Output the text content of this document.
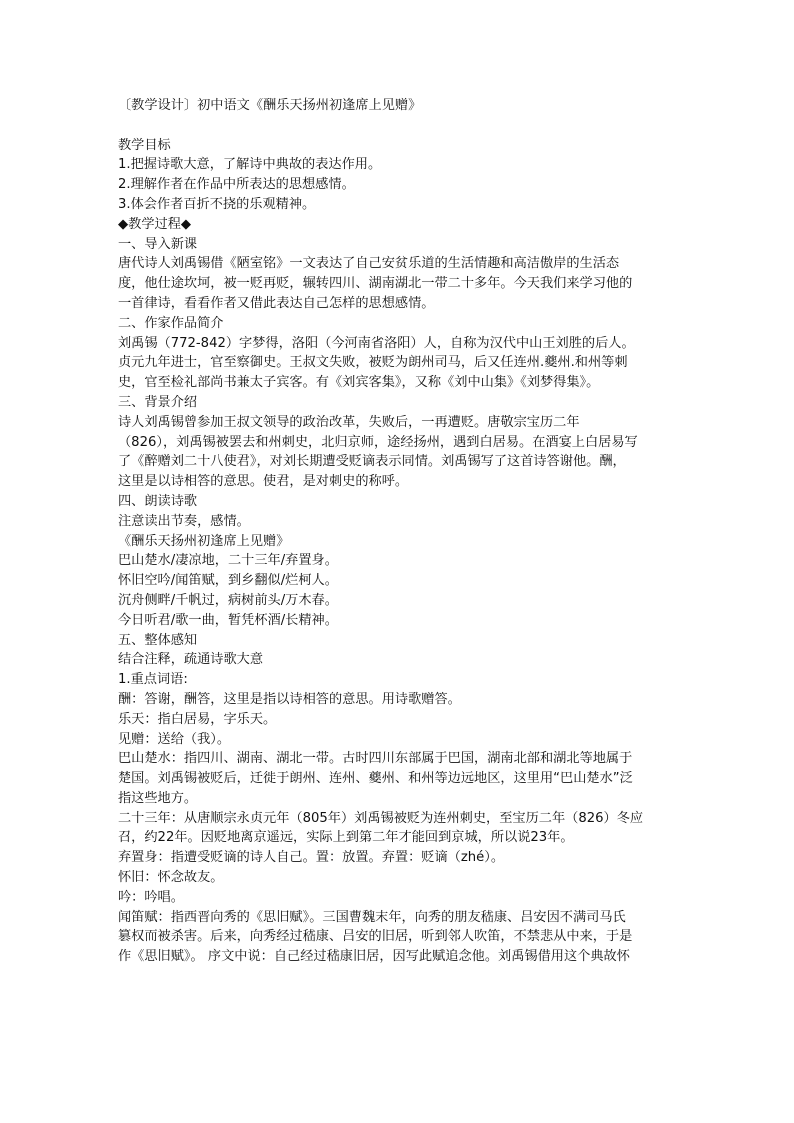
〔教学设计〕初中语文《酬乐天扬州初逢席上见赠》
教学目标
1.把握诗歌大意，了解诗中典故的表达作用。
2.理解作者在作品中所表达的思想感情。
3.体会作者百折不挠的乐观精神。
◆教学过程◆
一、导入新课
唐代诗人刘禹锡借《陋室铭》一文表达了自己安贫乐道的生活情趣和高洁傲岸的生活态
度，他仕途坎坷，被一贬再贬，辗转四川、湖南湖北一带二十多年。今天我们来学习他的
一首律诗，看看作者又借此表达自己怎样的思想感情。
二、作家作品简介
刘禹锡（772-842）字梦得，洛阳（今河南省洛阳）人，自称为汉代中山王刘胜的后人。
贞元九年进士，官至察御史。王叔文失败，被贬为朗州司马，后又任连州.夔州.和州等刺
史，官至检礼部尚书兼太子宾客。有《刘宾客集》，又称《刘中山集》《刘梦得集》。
三、背景介绍
诗人刘禹锡曾参加王叔文领导的政治改革，失败后，一再遭贬。唐敬宗宝历二年
（826），刘禹锡被罢去和州刺史，北归京师，途经扬州，遇到白居易。在酒宴上白居易写
了《醉赠刘二十八使君》，对刘长期遭受贬谪表示同情。刘禹锡写了这首诗答谢他。酬，
这里是以诗相答的意思。使君，是对刺史的称呼。
四、朗读诗歌
注意读出节奏，感情。
《酬乐天扬州初逢席上见赠》
巴山楚水/凄凉地，二十三年/弃置身。
怀旧空吟/闻笛赋，到乡翻似/烂柯人。
沉舟侧畔/千帆过，病树前头/万木春。
今日听君/歌一曲，暂凭杯酒/长精神。
五、整体感知
结合注释，疏通诗歌大意
1.重点词语:
酬：答谢，酬答，这里是指以诗相答的意思。用诗歌赠答。
乐天：指白居易，字乐天。
见赠：送给（我）。
巴山楚水：指四川、湖南、湖北一带。古时四川东部属于巴国，湖南北部和湖北等地属于
楚国。刘禹锡被贬后，迁徙于朗州、连州、夔州、和州等边远地区，这里用“巴山楚水”泛
指这些地方。
二十三年：从唐顺宗永贞元年（805年）刘禹锡被贬为连州刺史，至宝历二年（826）冬应
召，约22年。因贬地离京遥远，实际上到第二年才能回到京城，所以说23年。
弃置身：指遭受贬谪的诗人自己。置：放置。弃置：贬谪（zhé）。
怀旧：怀念故友。
吟：吟唱。
闻笛赋：指西晋向秀的《思旧赋》。三国曹魏末年，向秀的朋友嵇康、吕安因不满司马氏
篡权而被杀害。后来，向秀经过嵇康、吕安的旧居，听到邻人吹笛，不禁悲从中来，于是
作《思旧赋》。 序文中说：自己经过嵇康旧居，因写此赋追念他。刘禹锡借用这个典故怀
